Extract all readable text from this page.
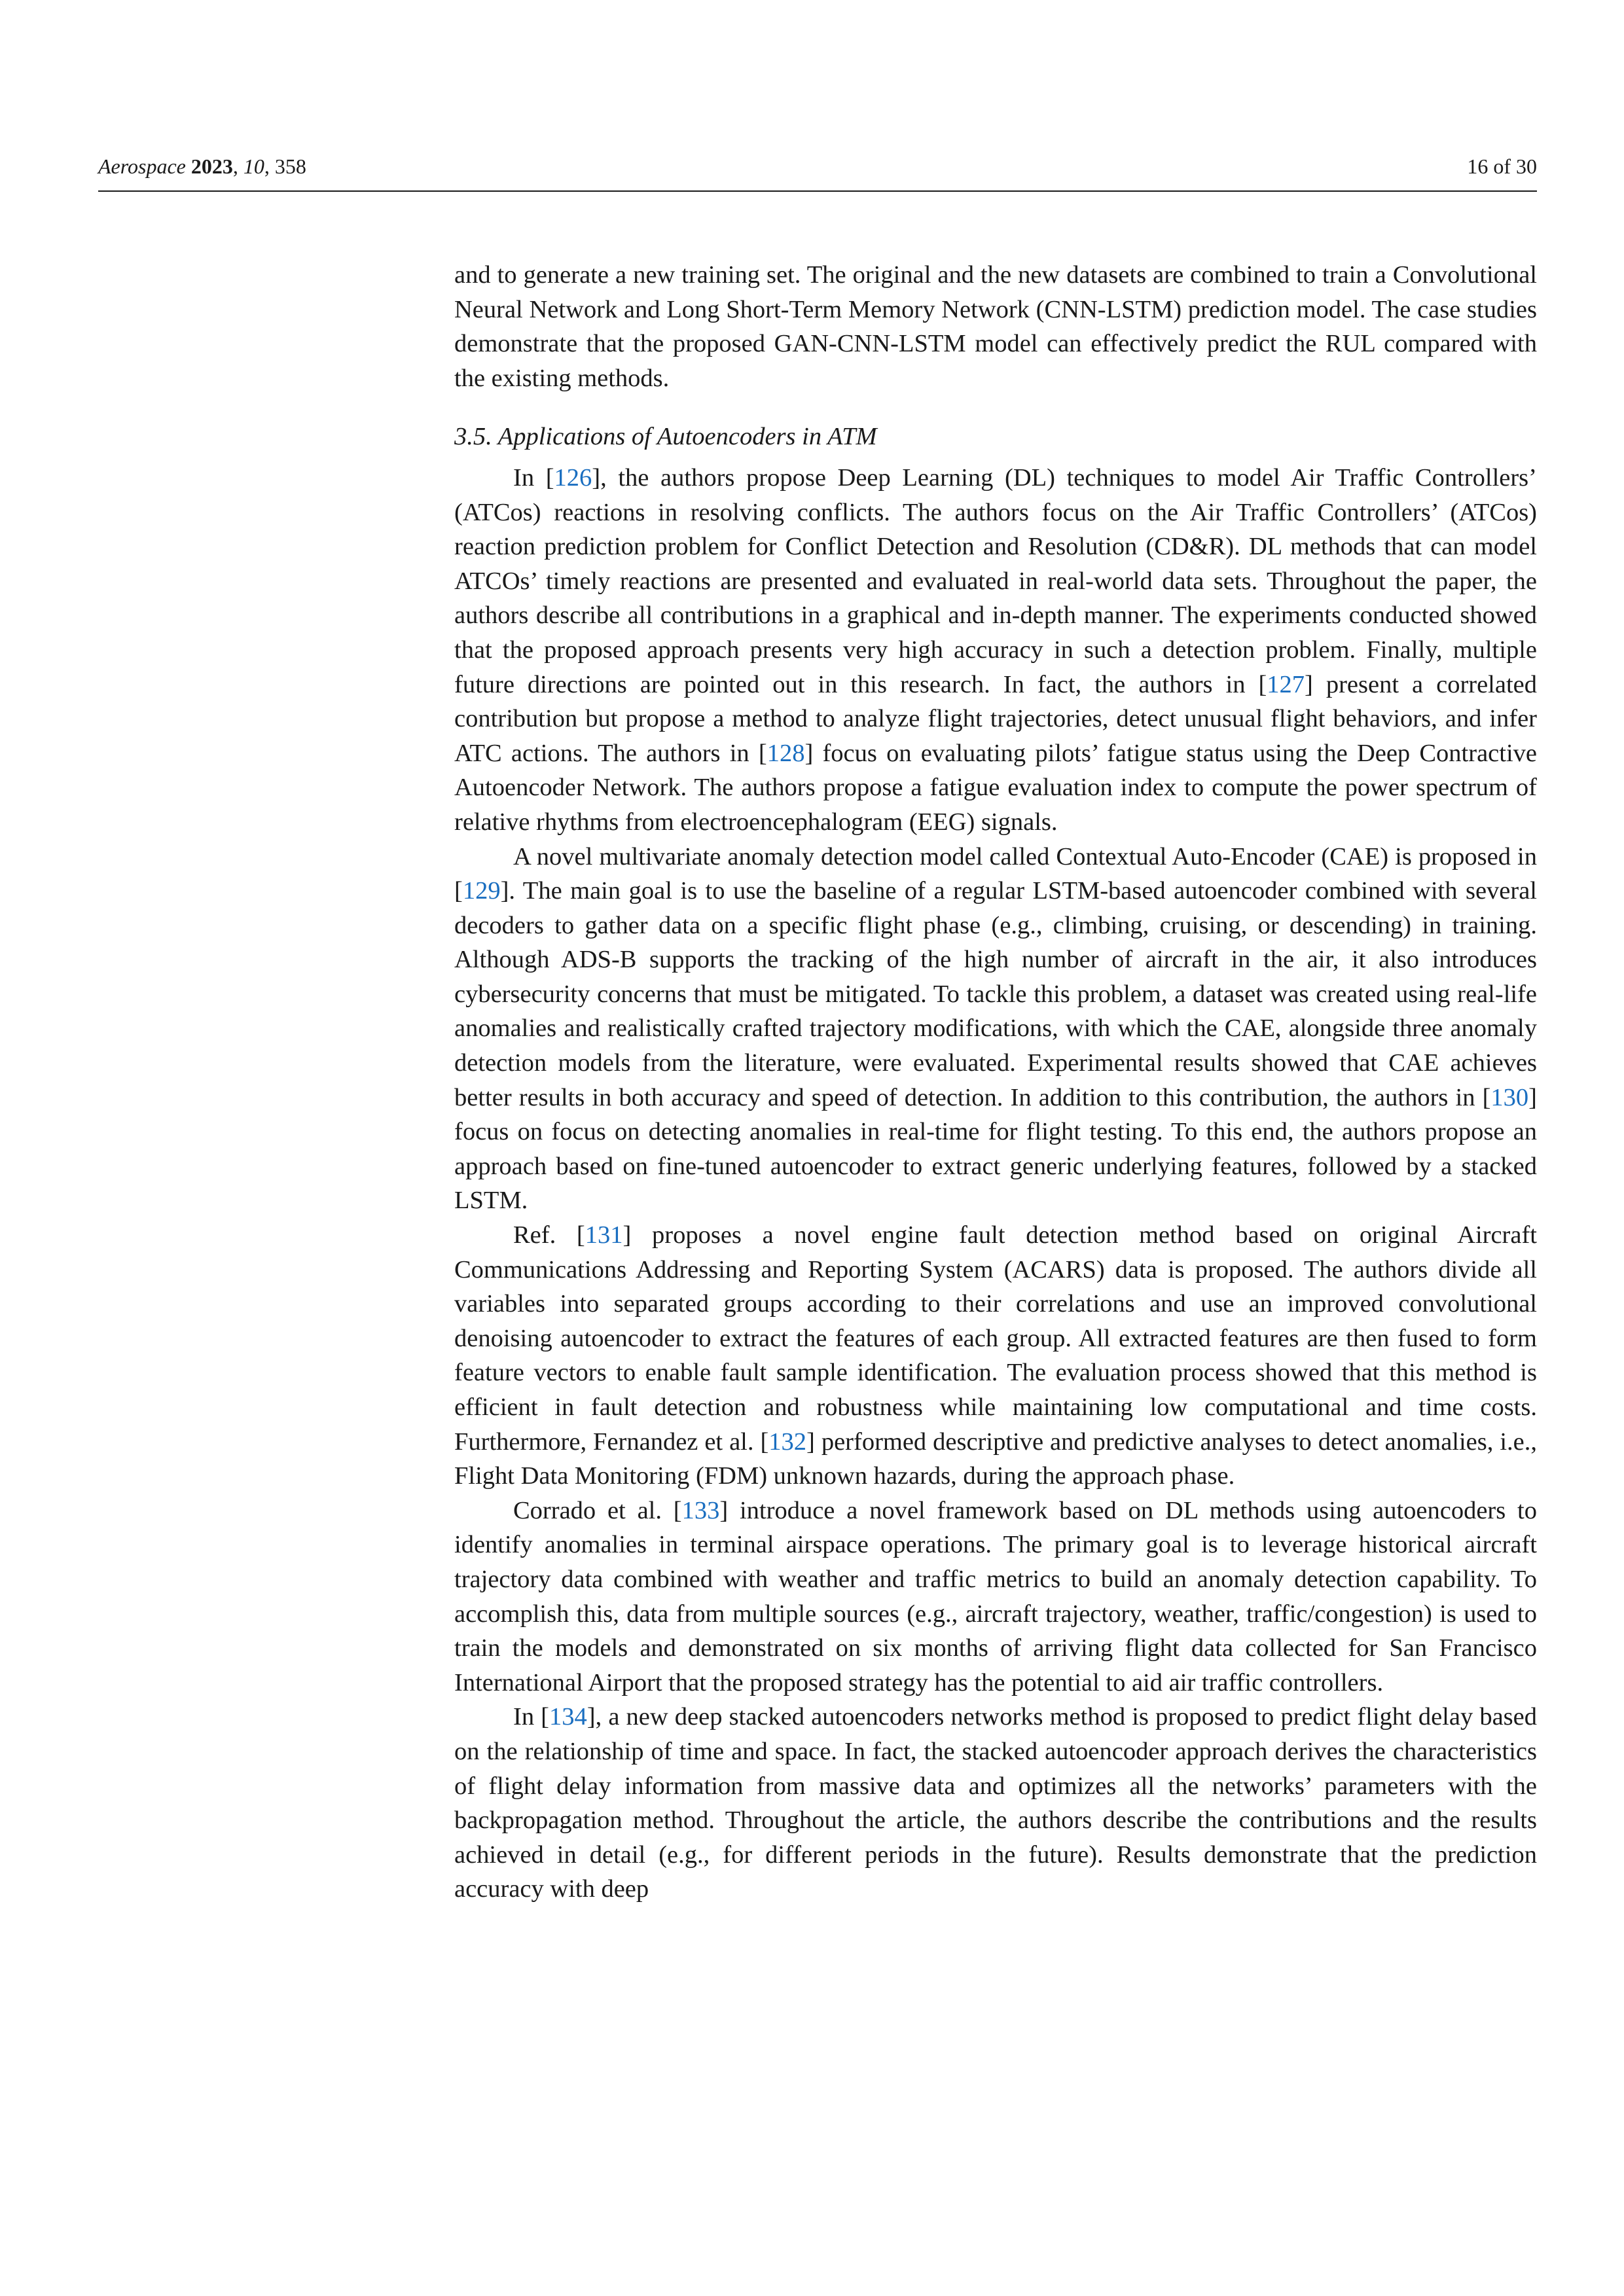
Aerospace 2023, 10, 358	16 of 30

and to generate a new training set. The original and the new datasets are combined to train a Convolutional Neural Network and Long Short-Term Memory Network (CNN-LSTM) prediction model. The case studies demonstrate that the proposed GAN-CNN-LSTM model can effectively predict the RUL compared with the existing methods.

3.5. Applications of Autoencoders in ATM

In [126], the authors propose Deep Learning (DL) techniques to model Air Traffic Controllers’ (ATCos) reactions in resolving conflicts. The authors focus on the Air Traffic Controllers’ (ATCos) reaction prediction problem for Conflict Detection and Resolution (CD&R). DL methods that can model ATCOs’ timely reactions are presented and evaluated in real-world data sets. Throughout the paper, the authors describe all contributions in a graphical and in-depth manner. The experiments conducted showed that the proposed approach presents very high accuracy in such a detection problem. Finally, multiple future directions are pointed out in this research. In fact, the authors in [127] present a correlated contribution but propose a method to analyze flight trajectories, detect unusual flight behaviors, and infer ATC actions. The authors in [128] focus on evaluating pilots’ fatigue status using the Deep Contractive Autoencoder Network. The authors propose a fatigue evaluation index to compute the power spectrum of relative rhythms from electroencephalogram (EEG) signals.

A novel multivariate anomaly detection model called Contextual Auto-Encoder (CAE) is proposed in [129]. The main goal is to use the baseline of a regular LSTM-based autoencoder combined with several decoders to gather data on a specific flight phase (e.g., climbing, cruising, or descending) in training. Although ADS-B supports the tracking of the high number of aircraft in the air, it also introduces cybersecurity concerns that must be mitigated. To tackle this problem, a dataset was created using real-life anomalies and realistically crafted trajectory modifications, with which the CAE, alongside three anomaly detection models from the literature, were evaluated. Experimental results showed that CAE achieves better results in both accuracy and speed of detection. In addition to this contribution, the authors in [130] focus on focus on detecting anomalies in real-time for flight testing. To this end, the authors propose an approach based on fine-tuned autoencoder to extract generic underlying features, followed by a stacked LSTM.

Ref. [131] proposes a novel engine fault detection method based on original Aircraft Communications Addressing and Reporting System (ACARS) data is proposed. The authors divide all variables into separated groups according to their correlations and use an improved convolutional denoising autoencoder to extract the features of each group. All extracted features are then fused to form feature vectors to enable fault sample identification. The evaluation process showed that this method is efficient in fault detection and robustness while maintaining low computational and time costs. Furthermore, Fernandez et al. [132] performed descriptive and predictive analyses to detect anomalies, i.e., Flight Data Monitoring (FDM) unknown hazards, during the approach phase.

Corrado et al. [133] introduce a novel framework based on DL methods using autoencoders to identify anomalies in terminal airspace operations. The primary goal is to leverage historical aircraft trajectory data combined with weather and traffic metrics to build an anomaly detection capability. To accomplish this, data from multiple sources (e.g., aircraft trajectory, weather, traffic/congestion) is used to train the models and demonstrated on six months of arriving flight data collected for San Francisco International Airport that the proposed strategy has the potential to aid air traffic controllers.

In [134], a new deep stacked autoencoders networks method is proposed to predict flight delay based on the relationship of time and space. In fact, the stacked autoencoder approach derives the characteristics of flight delay information from massive data and optimizes all the networks’ parameters with the backpropagation method. Throughout the article, the authors describe the contributions and the results achieved in detail (e.g., for different periods in the future). Results demonstrate that the prediction accuracy with deep
